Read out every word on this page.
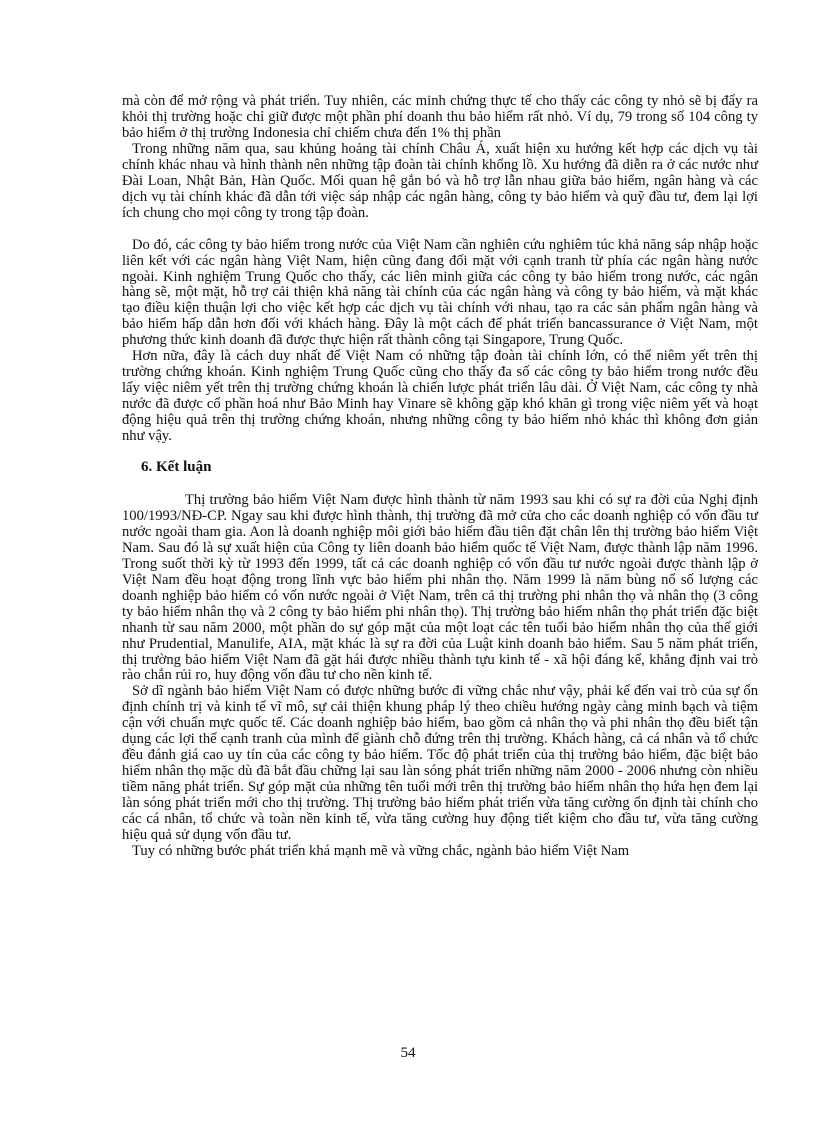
mà còn để mở rộng và phát triển. Tuy nhiên, các minh chứng thực tế cho thấy các công ty nhỏ sẽ bị đẩy ra khỏi thị trường hoặc chỉ giữ được một phần phí doanh thu bảo hiểm rất nhỏ. Ví dụ, 79 trong số 104 công ty bảo hiểm ở thị trường Indonesia chỉ chiếm chưa đến 1% thị phần

Trong những năm qua, sau khủng hoảng tài chính Châu Á, xuất hiện xu hướng kết hợp các dịch vụ tài chính khác nhau và hình thành nên những tập đoàn tài chính khổng lồ. Xu hướng đã diễn ra ở các nước như Đài Loan, Nhật Bản, Hàn Quốc. Mối quan hệ gắn bó và hỗ trợ lẫn nhau giữa bảo hiểm, ngân hàng và các dịch vụ tài chính khác đã dẫn tới việc sáp nhập các ngân hàng, công ty bảo hiểm và quỹ đầu tư, đem lại lợi ích chung cho mọi công ty trong tập đoàn.

Do đó, các công ty bảo hiểm trong nước của Việt Nam cần nghiên cứu nghiêm túc khả năng sáp nhập hoặc liên kết với các ngân hàng Việt Nam, hiện cũng đang đối mặt với cạnh tranh từ phía các ngân hàng nước ngoài. Kinh nghiệm Trung Quốc cho thấy, các liên minh giữa các công ty bảo hiểm trong nước, các ngân hàng sẽ, một mặt, hỗ trợ cải thiện khả năng tài chính của các ngân hàng và công ty bảo hiểm, và mặt khác tạo điều kiện thuận lợi cho việc kết hợp các dịch vụ tài chính với nhau, tạo ra các sản phẩm ngân hàng và bảo hiểm hấp dẫn hơn đối với khách hàng. Đây là một cách để phát triển bancassurance ở Việt Nam, một phương thức kinh doanh đã được thực hiện rất thành công tại Singapore, Trung Quốc.

Hơn nữa, đây là cách duy nhất để Việt Nam có những tập đoàn tài chính lớn, có thể niêm yết trên thị trường chứng khoán. Kinh nghiệm Trung Quốc cũng cho thấy đa số các công ty bảo hiểm trong nước đều lấy việc niêm yết trên thị trường chứng khoán là chiến lược phát triển lâu dài. Ở Việt Nam, các công ty nhà nước đã được cổ phần hoá như Bảo Minh hay Vinare sẽ không gặp khó khăn gì trong việc niêm yết và hoạt động hiệu quả trên thị trường chứng khoán, nhưng những công ty bảo hiểm nhỏ khác thì không đơn giản như vậy.

6. Kết luận

Thị trường bảo hiểm Việt Nam được hình thành từ năm 1993 sau khi có sự ra đời của Nghị định 100/1993/NĐ-CP. Ngay sau khi được hình thành, thị trường đã mở cửa cho các doanh nghiệp có vốn đầu tư nước ngoài tham gia. Aon là doanh nghiệp môi giới bảo hiểm đầu tiên đặt chân lên thị trường bảo hiểm Việt Nam. Sau đó là sự xuất hiện của Công ty liên doanh bảo hiểm quốc tế Việt Nam, được thành lập năm 1996. Trong suốt thời kỳ từ 1993 đến 1999, tất cả các doanh nghiệp có vốn đầu tư nước ngoài được thành lập ở Việt Nam đều hoạt động trong lĩnh vực bảo hiểm phi nhân thọ. Năm 1999 là năm bùng nổ số lượng các doanh nghiệp bảo hiểm có vốn nước ngoài ở Việt Nam, trên cả thị trường phi nhân thọ và nhân thọ (3 công ty bảo hiểm nhân thọ và 2 công ty bảo hiểm phi nhân thọ). Thị trường bảo hiểm nhân thọ phát triển đặc biệt nhanh từ sau năm 2000, một phần do sự góp mặt của một loạt các tên tuổi bảo hiểm nhân thọ của thế giới như Prudential, Manulife, AIA, mặt khác là sự ra đời của Luật kinh doanh bảo hiểm. Sau 5 năm phát triển, thị trường bảo hiểm Việt Nam đã gặt hái được nhiều thành tựu kinh tế - xã hội đáng kể, khẳng định vai trò rào chắn rủi ro, huy động vốn đầu tư cho nền kinh tế.

Sở dĩ ngành bảo hiểm Việt Nam có được những bước đi vững chắc như vậy, phải kể đến vai trò của sự ổn định chính trị và kinh tế vĩ mô, sự cải thiện khung pháp lý theo chiều hướng ngày càng minh bạch và tiệm cận với chuẩn mực quốc tế. Các doanh nghiệp bảo hiểm, bao gồm cả nhân thọ và phi nhân thọ đều biết tận dụng các lợi thế cạnh tranh của mình để giành chỗ đứng trên thị trường. Khách hàng, cả cá nhân và tổ chức đều đánh giá cao uy tín của các công ty bảo hiểm. Tốc độ phát triển của thị trường bảo hiểm, đặc biệt bảo hiểm nhân thọ mặc dù đã bắt đầu chững lại sau làn sóng phát triển những năm 2000 - 2006 nhưng còn nhiều tiềm năng phát triển. Sự góp mặt của những tên tuổi mới trên thị trường bảo hiểm nhân thọ hứa hẹn đem lại làn sóng phát triển mới cho thị trường. Thị trường bảo hiểm phát triển vừa tăng cường ổn định tài chính cho các cá nhân, tổ chức và toàn nền kinh tế, vừa tăng cường huy động tiết kiệm cho đầu tư, vừa tăng cường hiệu quả sử dụng vốn đầu tư.

Tuy có những bước phát triển khá mạnh mẽ và vững chắc, ngành bảo hiểm Việt Nam

54
